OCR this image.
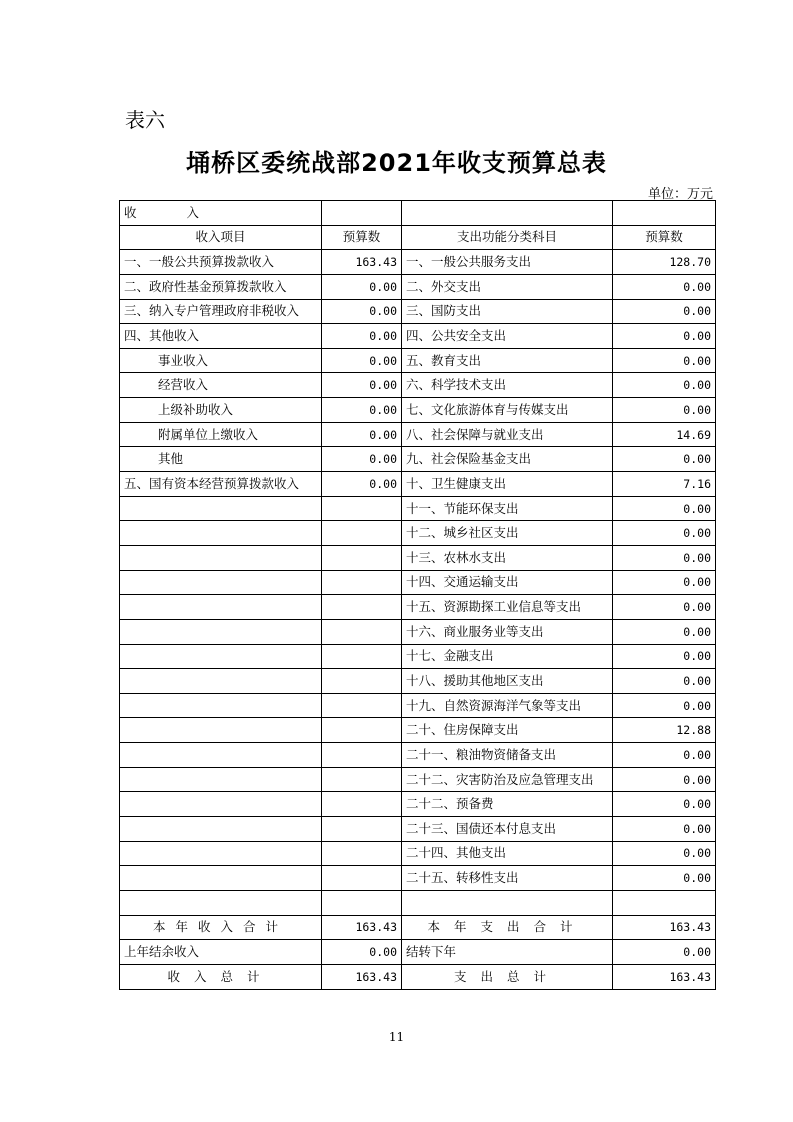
表六
埇桥区委统战部2021年收支预算总表
单位：万元
收　　　　入			
收入项目	预算数	支出功能分类科目	预算数
一、一般公共预算拨款收入	163.43	一、一般公共服务支出	128.70
二、政府性基金预算拨款收入	0.00	二、外交支出	0.00
三、纳入专户管理政府非税收入	0.00	三、国防支出	0.00
四、其他收入	0.00	四、公共安全支出	0.00
事业收入	0.00	五、教育支出	0.00
经营收入	0.00	六、科学技术支出	0.00
上级补助收入	0.00	七、文化旅游体育与传媒支出	0.00
附属单位上缴收入	0.00	八、社会保障与就业支出	14.69
其他	0.00	九、社会保险基金支出	0.00
五、国有资本经营预算拨款收入	0.00	十、卫生健康支出	7.16
		十一、节能环保支出	0.00
		十二、城乡社区支出	0.00
		十三、农林水支出	0.00
		十四、交通运输支出	0.00
		十五、资源勘探工业信息等支出	0.00
		十六、商业服务业等支出	0.00
		十七、金融支出	0.00
		十八、援助其他地区支出	0.00
		十九、自然资源海洋气象等支出	0.00
		二十、住房保障支出	12.88
		二十一、粮油物资储备支出	0.00
		二十二、灾害防治及应急管理支出	0.00
		二十二、预备费	0.00
		二十三、国债还本付息支出	0.00
		二十四、其他支出	0.00
		二十五、转移性支出	0.00

本年收入合计	163.43	本年支出合计	163.43
上年结余收入	0.00	结转下年	0.00
收入总计	163.43	支出总计	163.43
11
